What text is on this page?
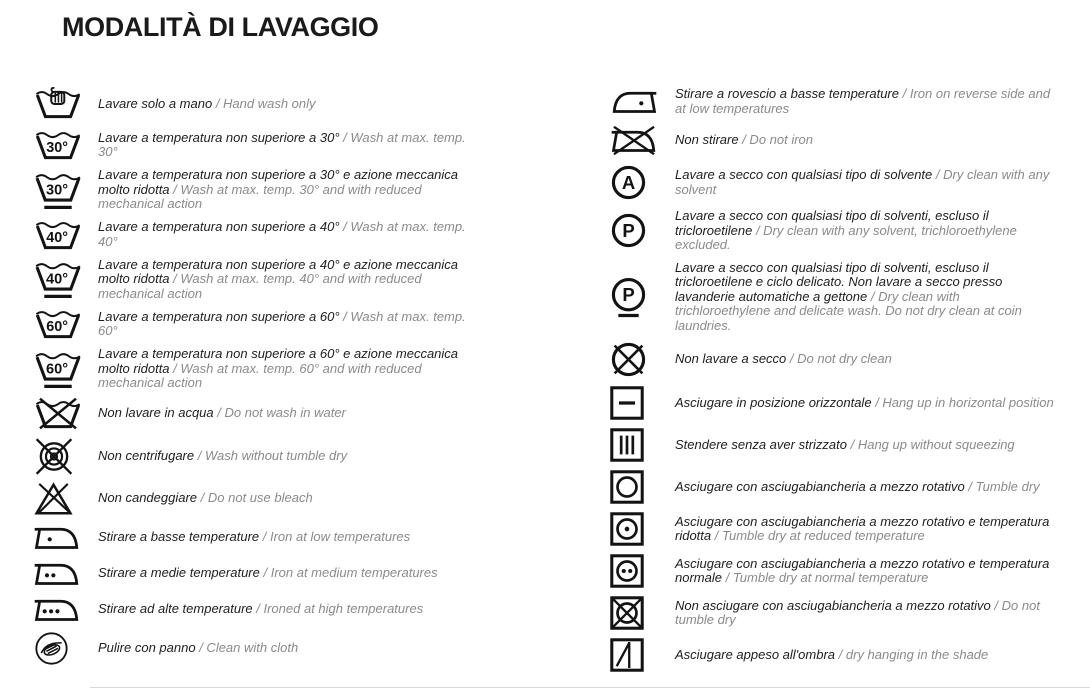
MODALITÀ DI LAVAGGIO
Lavare solo a mano / Hand wash only
30°
Lavare a temperatura non superiore a 30° / Wash at max. temp. 30°
30°
Lavare a temperatura non superiore a 30° e azione meccanica molto ridotta / Wash at max. temp. 30° and with reduced mechanical action
40°
Lavare a temperatura non superiore a 40° / Wash at max. temp. 40°
40°
Lavare a temperatura non superiore a 40° e azione meccanica molto ridotta / Wash at max. temp. 40° and with reduced mechanical action
60°
Lavare a temperatura non superiore a 60° / Wash at max. temp. 60°
60°
Lavare a temperatura non superiore a 60° e azione meccanica molto ridotta / Wash at max. temp. 60° and with reduced mechanical action
Non lavare in acqua / Do not wash in water
Non centrifugare / Wash without tumble dry
Non candeggiare / Do not use bleach
Stirare a basse temperature / Iron at low temperatures
Stirare a medie temperature / Iron at medium temperatures
Stirare ad alte temperature / Ironed at high temperatures
Pulire con panno / Clean with cloth
Stirare a rovescio a basse temperature / Iron on reverse side and at low temperatures
Non stirare / Do not iron
A	Lavare a secco con qualsiasi tipo di solvente / Dry clean with any solvent
P
Lavare a secco con qualsiasi tipo di solventi, escluso il tricloroetilene / Dry clean with any solvent, trichloroethylene excluded.
P
Lavare a secco con qualsiasi tipo di solventi, escluso il tricloroetilene e ciclo delicato. Non lavare a secco presso lavanderie automatiche a gettone / Dry clean with trichloroethylene and delicate wash. Do not dry clean at coin laundries.
Non lavare a secco / Do not dry clean
Asciugare in posizione orizzontale / Hang up in horizontal position
Stendere senza aver strizzato / Hang up without squeezing
Asciugare con asciugabiancheria a mezzo rotativo / Tumble dry
Asciugare con asciugabiancheria a mezzo rotativo e temperatura ridotta / Tumble dry at reduced temperature
Asciugare con asciugabiancheria a mezzo rotativo e temperatura normale / Tumble dry at normal temperature
Non asciugare con asciugabiancheria a mezzo rotativo / Do not tumble dry
Asciugare appeso all'ombra / dry hanging in the shade
